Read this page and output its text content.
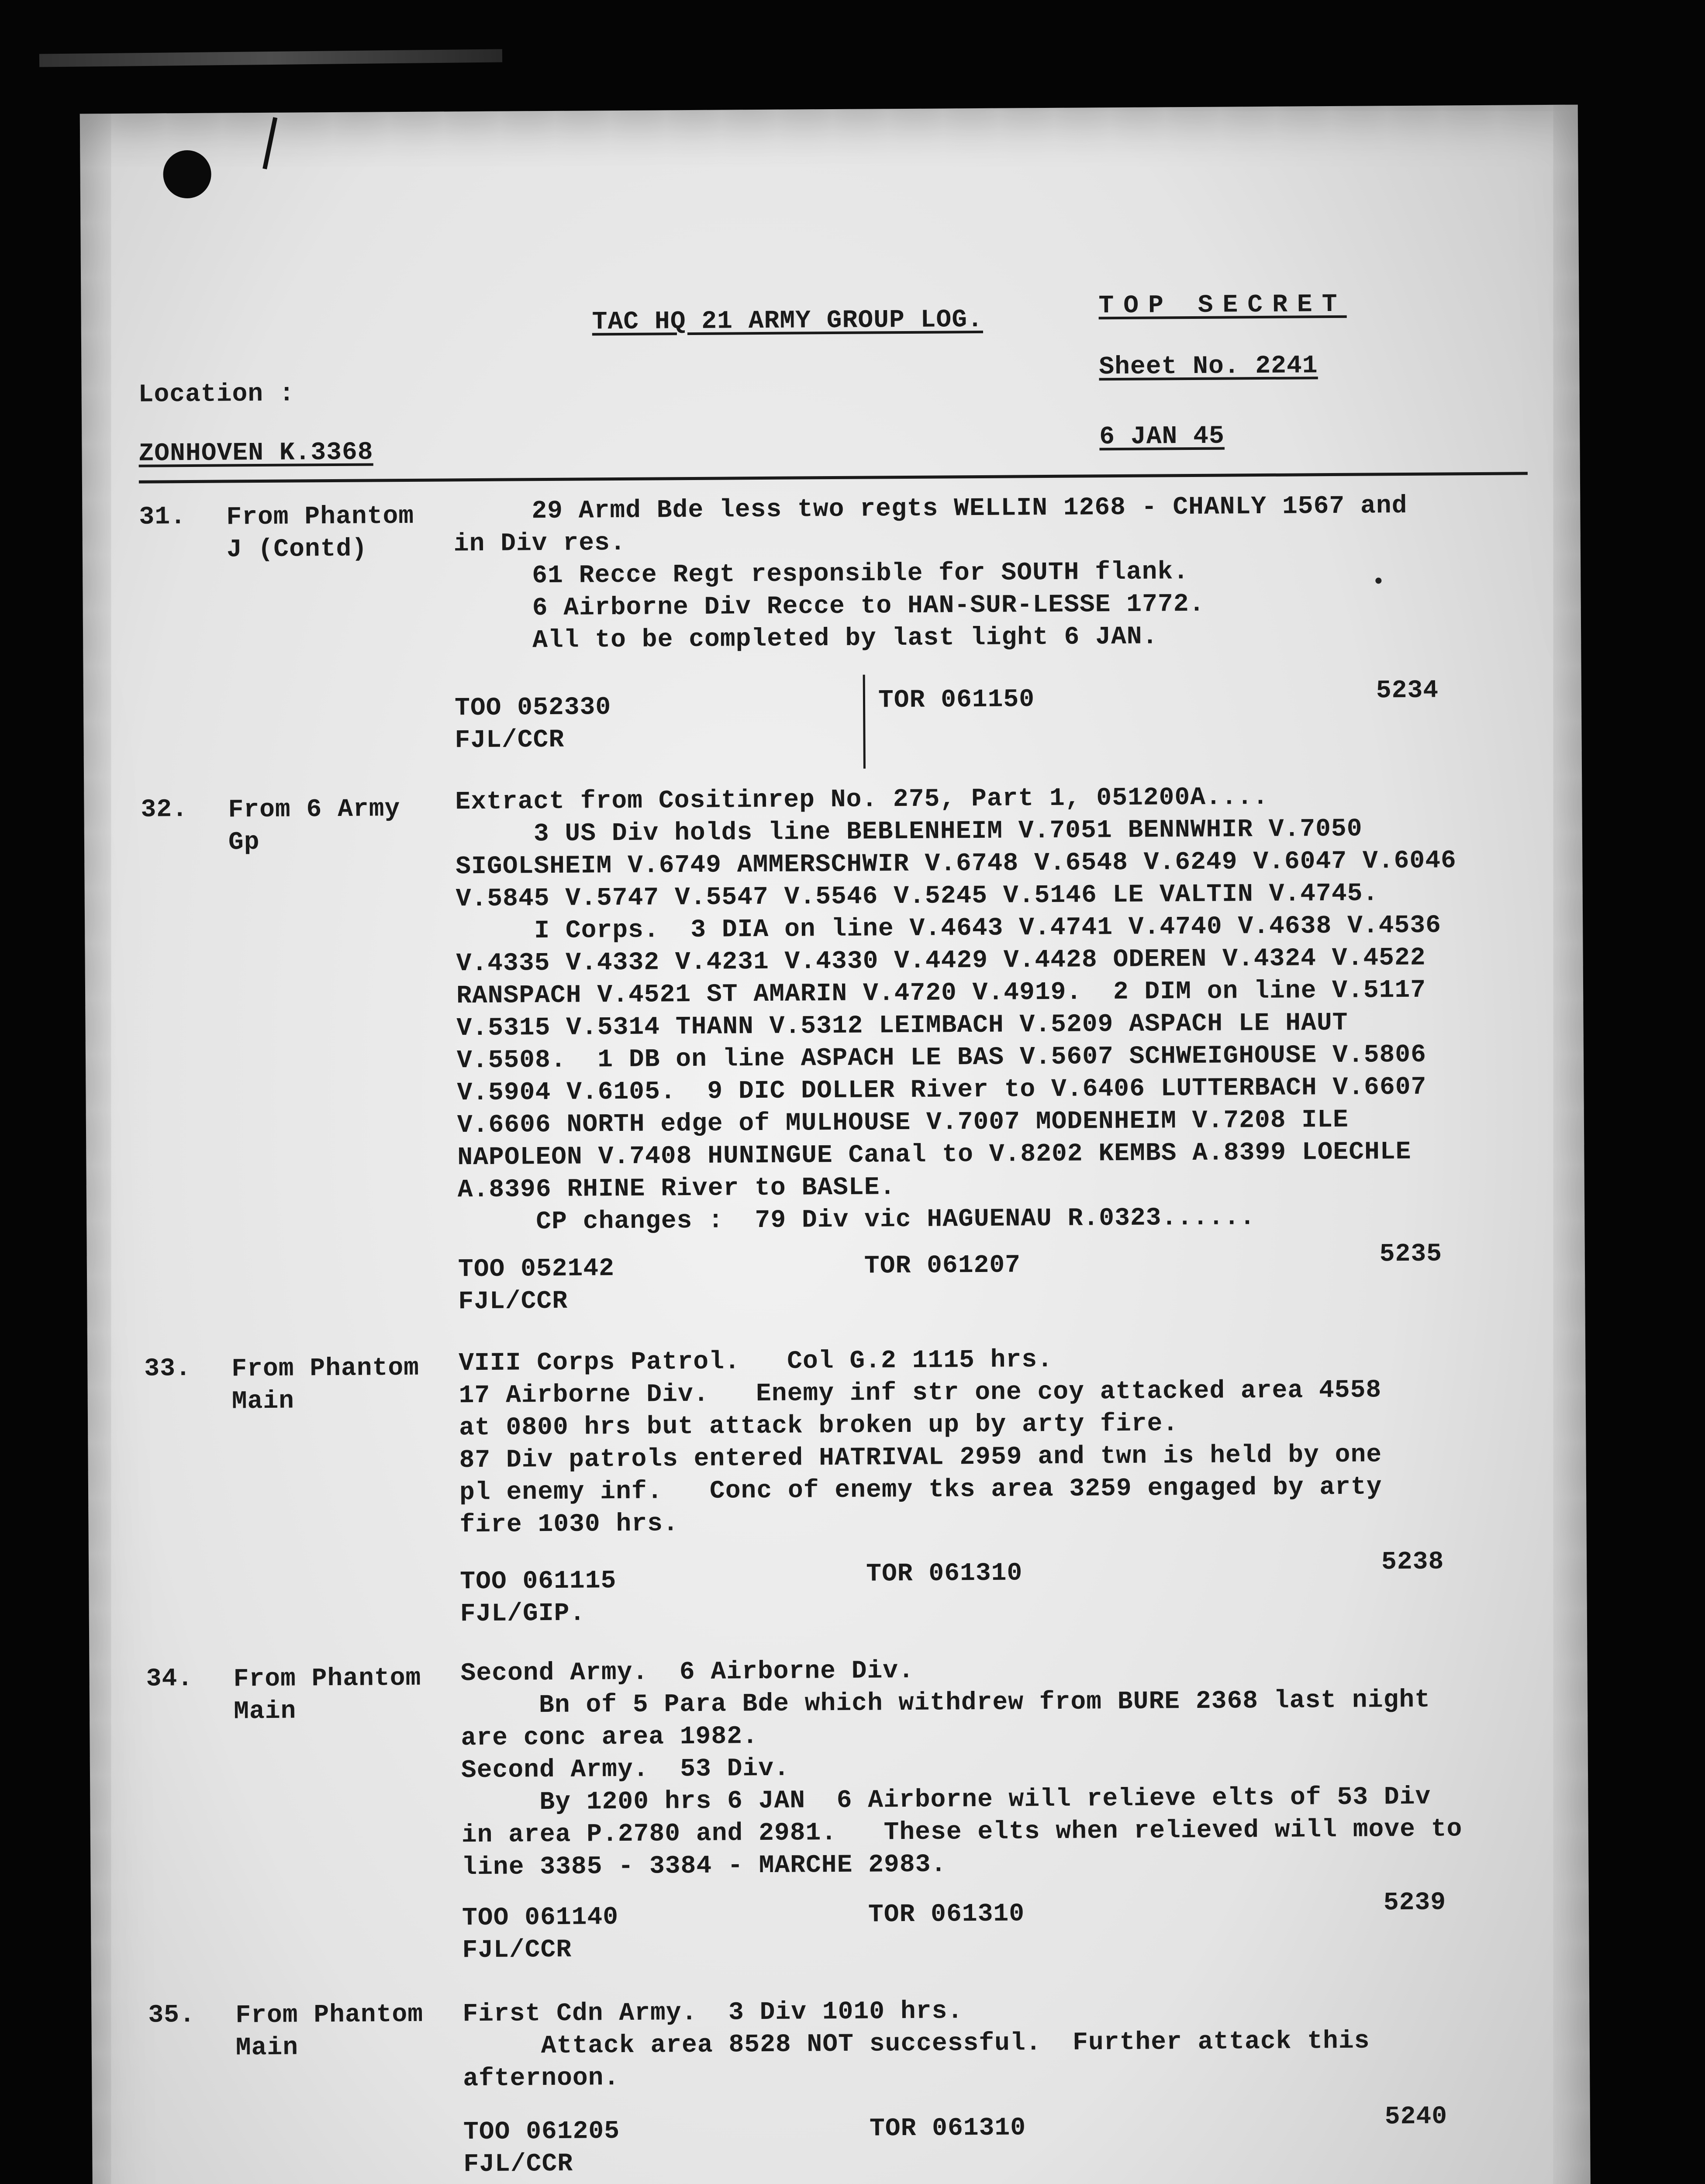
TAC HQ 21 ARMY GROUP LOG.
TOP SECRET
Location :
Sheet No. 2241
ZONHOVEN K.3368
6 JAN 45
31. From Phantom
J (Contd)
29 Armd Bde less two regts WELLIN 1268 - CHANLY 1567 and
in Div res.
61 Recce Regt responsible for SOUTH flank.
6 Airborne Div Recce to HAN-SUR-LESSE 1772.
All to be completed by last light 6 JAN.
TOO 052330
FJL/CCR
TOR 061150	5234
32. From 6 Army
Gp
Extract from Cositinrep No. 275, Part 1, 051200A....
3 US Div holds line BEBLENHEIM V.7051 BENNWHIR V.7050
SIGOLSHEIM V.6749 AMMERSCHWIR V.6748 V.6548 V.6249 V.6047 V.6046
V.5845 V.5747 V.5547 V.5546 V.5245 V.5146 LE VALTIN V.4745.
I Corps.  3 DIA on line V.4643 V.4741 V.4740 V.4638 V.4536
V.4335 V.4332 V.4231 V.4330 V.4429 V.4428 ODEREN V.4324 V.4522
RANSPACH V.4521 ST AMARIN V.4720 V.4919.  2 DIM on line V.5117
V.5315 V.5314 THANN V.5312 LEIMBACH V.5209 ASPACH LE HAUT
V.5508.  1 DB on line ASPACH LE BAS V.5607 SCHWEIGHOUSE V.5806
V.5904 V.6105.  9 DIC DOLLER River to V.6406 LUTTERBACH V.6607
V.6606 NORTH edge of MULHOUSE V.7007 MODENHEIM V.7208 ILE
NAPOLEON V.7408 HUNINGUE Canal to V.8202 KEMBS A.8399 LOECHLE
A.8396 RHINE River to BASLE.
CP changes :  79 Div vic HAGUENAU R.0323......
TOO 052142
FJL/CCR
TOR 061207	5235
33. From Phantom
Main
VIII Corps Patrol.   Col G.2 1115 hrs.
17 Airborne Div.   Enemy inf str one coy attacked area 4558
at 0800 hrs but attack broken up by arty fire.
87 Div patrols entered HATRIVAL 2959 and twn is held by one
pl enemy inf.   Conc of enemy tks area 3259 engaged by arty
fire 1030 hrs.
TOO 061115
FJL/GIP.
TOR 061310	5238
34. From Phantom
Main
Second Army.  6 Airborne Div.
Bn of 5 Para Bde which withdrew from BURE 2368 last night
are conc area 1982.
Second Army.  53 Div.
By 1200 hrs 6 JAN  6 Airborne will relieve elts of 53 Div
in area P.2780 and 2981.   These elts when relieved will move to
line 3385 - 3384 - MARCHE 2983.
TOO 061140
FJL/CCR
TOR 061310	5239
35. From Phantom
Main
First Cdn Army.  3 Div 1010 hrs.
Attack area 8528 NOT successful.  Further attack this
afternoon.
TOO 061205
FJL/CCR
TOR 061310	5240
